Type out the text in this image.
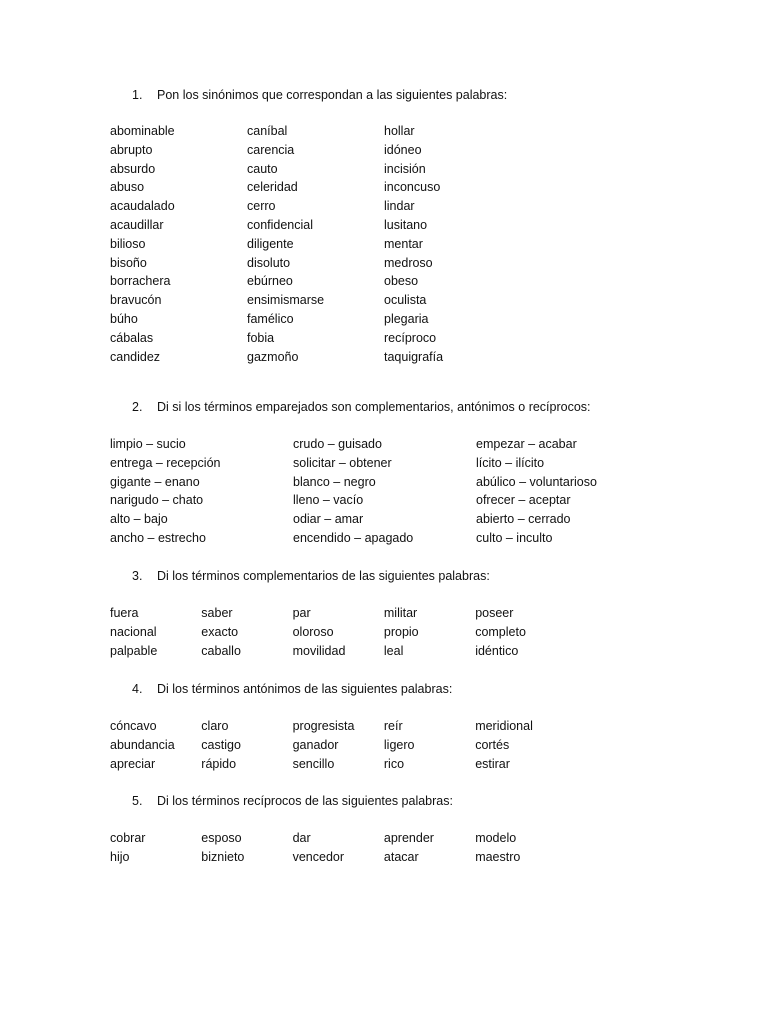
1. Pon los sinónimos que correspondan a las siguientes palabras:
abominable	caníbal	hollar
abrupto	carencia	idóneo
absurdo	cauto	incisión
abuso	celeridad	inconcuso
acaudalado	cerro	lindar
acaudillar	confidencial	lusitano
bilioso	diligente	mentar
bisoño	disoluto	medroso
borrachera	ebúrneo	obeso
bravucón	ensimismarse	oculista
búho	famélico	plegaria
cábalas	fobia	recíproco
candidez	gazmoño	taquigrafía
2. Di si los términos emparejados son complementarios, antónimos o recíprocos:
limpio – sucio	crudo – guisado	empezar – acabar
entrega – recepción	solicitar – obtener	lícito – ilícito
gigante – enano	blanco – negro	abúlico – voluntarioso
narigudo – chato	lleno – vacío	ofrecer – aceptar
alto – bajo	odiar – amar	abierto – cerrado
ancho – estrecho	encendido – apagado	culto – inculto
3. Di los términos complementarios de las siguientes palabras:
fuera	saber	par	militar	poseer
nacional	exacto	oloroso	propio	completo
palpable	caballo	movilidad	leal	idéntico
4. Di los términos antónimos de las siguientes palabras:
cóncavo	claro	progresista	reír	meridional
abundancia	castigo	ganador	ligero	cortés
apreciar	rápido	sencillo	rico	estirar
5. Di los términos recíprocos de las siguientes palabras:
cobrar	esposo	dar	aprender	modelo
hijo	biznieto	vencedor	atacar	maestro
